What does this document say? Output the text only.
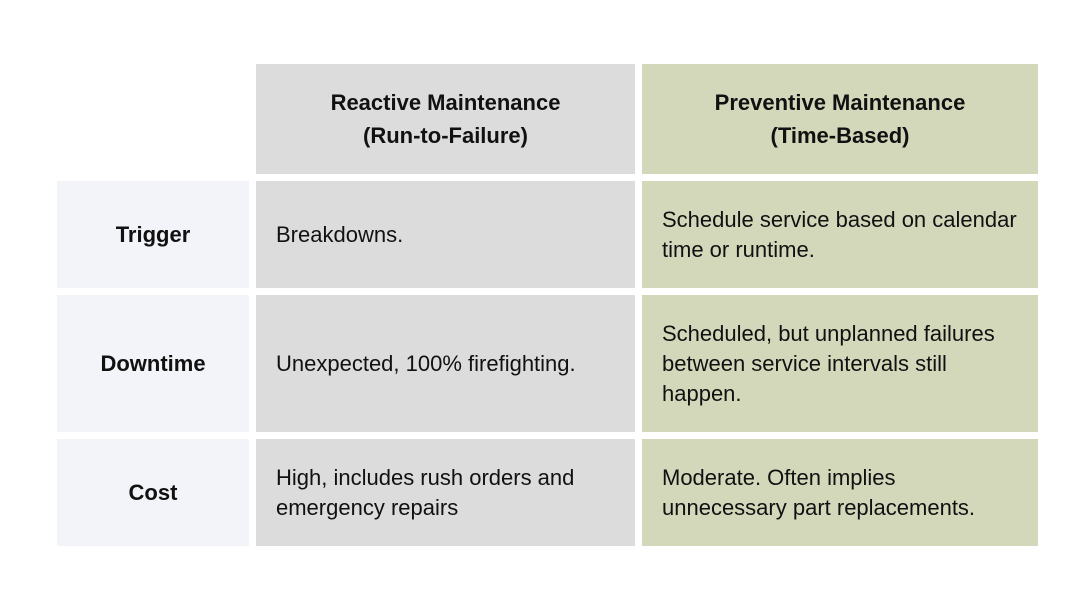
Reactive Maintenance
(Run-to-Failure)
Preventive Maintenance
(Time-Based)
Trigger	Breakdowns.
Schedule service based on calendar time or runtime.
Downtime	Unexpected, 100% firefighting.
Scheduled, but unplanned failures between service intervals still happen.
Cost
High, includes rush orders and emergency repairs
Moderate. Often implies unnecessary part replacements.
